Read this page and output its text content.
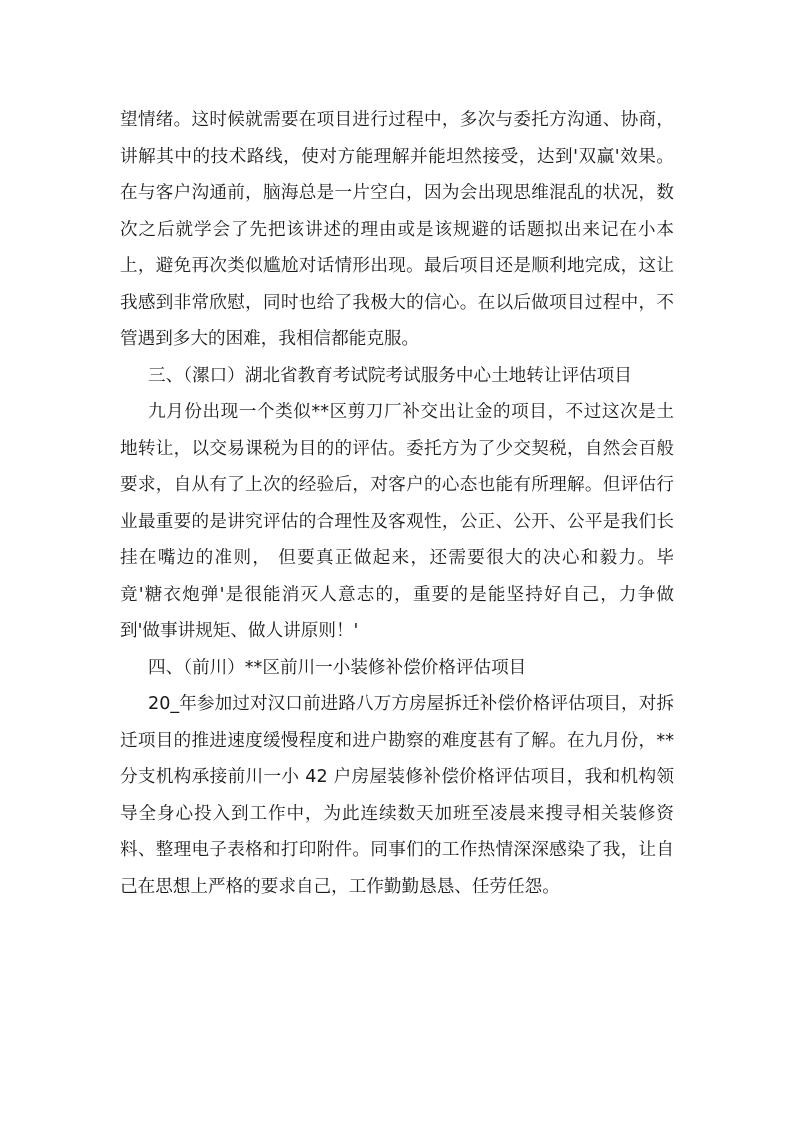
望情绪。这时候就需要在项目进行过程中，多次与委托方沟通、协商，讲解其中的技术路线，使对方能理解并能坦然接受，达到'双赢'效果。在与客户沟通前，脑海总是一片空白，因为会出现思维混乱的状况，数次之后就学会了先把该讲述的理由或是该规避的话题拟出来记在小本上，避免再次类似尴尬对话情形出现。最后项目还是顺利地完成，这让我感到非常欣慰，同时也给了我极大的信心。在以后做项目过程中，不管遇到多大的困难，我相信都能克服。

三、（漯口）湖北省教育考试院考试服务中心土地转让评估项目

九月份出现一个类似**区剪刀厂补交出让金的项目，不过这次是土地转让，以交易课税为目的的评估。委托方为了少交契税，自然会百般要求，自从有了上次的经验后，对客户的心态也能有所理解。但评估行业最重要的是讲究评估的合理性及客观性，公正、公开、公平是我们长挂在嘴边的准则， 但要真正做起来，还需要很大的决心和毅力。毕竟'糖衣炮弹'是很能消灭人意志的，重要的是能坚持好自己，力争做到'做事讲规矩、做人讲原则！'

四、（前川）**区前川一小装修补偿价格评估项目

20_年参加过对汉口前进路八万方房屋拆迁补偿价格评估项目，对拆迁项目的推进速度缓慢程度和进户勘察的难度甚有了解。在九月份，**分支机构承接前川一小 42 户房屋装修补偿价格评估项目，我和机构领导全身心投入到工作中，为此连续数天加班至凌晨来搜寻相关装修资料、整理电子表格和打印附件。同事们的工作热情深深感染了我，让自己在思想上严格的要求自己，工作勤勤恳恳、任劳任怨。
